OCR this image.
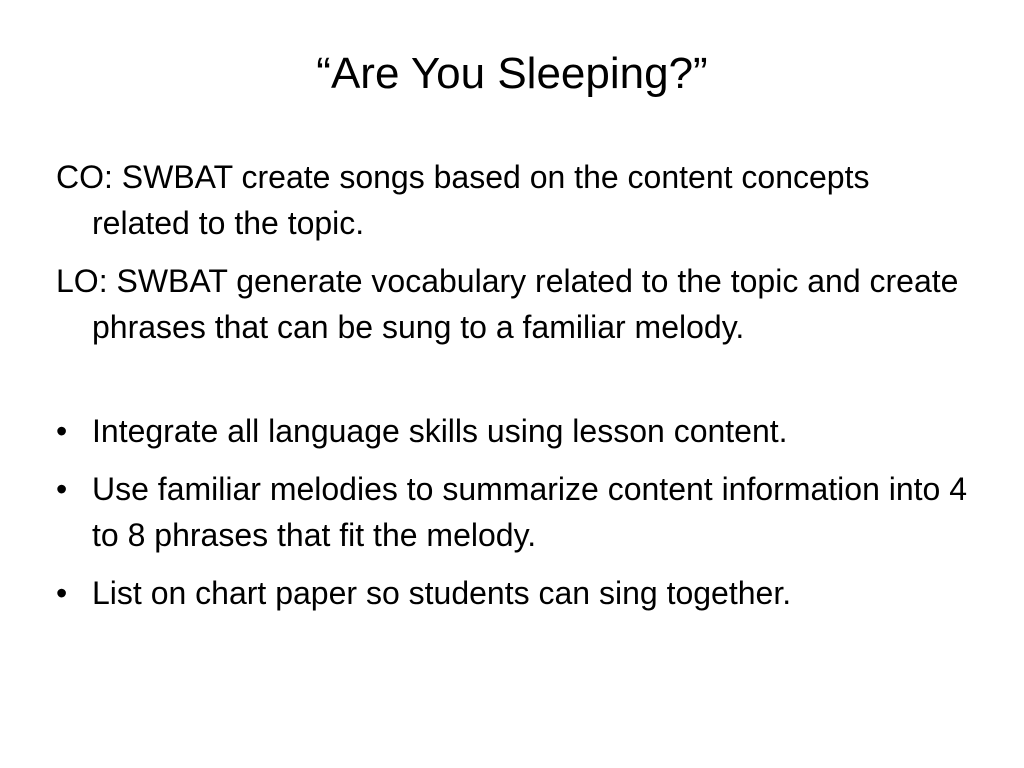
“Are You Sleeping?”

CO: SWBAT create songs based on the content concepts related to the topic.

LO: SWBAT generate vocabulary related to the topic and create phrases that can be sung to a familiar melody.

• Integrate all language skills using lesson content.
• Use familiar melodies to summarize content information into 4 to 8 phrases that fit the melody.
• List on chart paper so students can sing together.
